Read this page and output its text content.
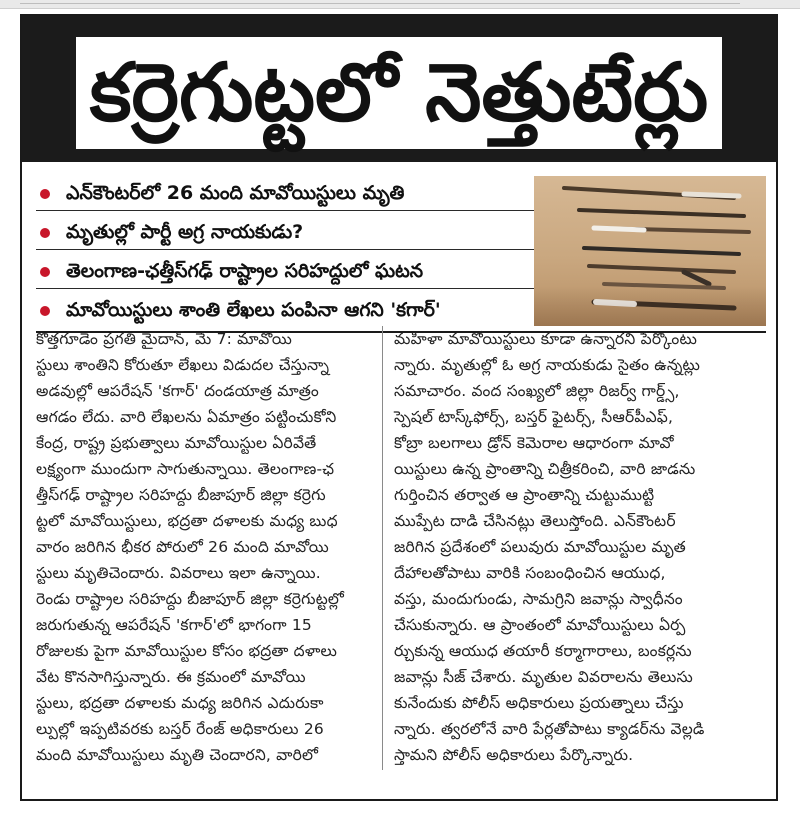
కర్రెగుట్టలో నెత్తుటేర్లు
ఎన్‌కౌంటర్‌లో 26 మంది మావోయిస్టులు మృతి
మృతుల్లో పార్టీ అగ్ర నాయకుడు?
తెలంగాణ-ఛత్తీస్‌గఢ్ రాష్ట్రాల సరిహద్దులో ఘటన
మావోయిస్టులు శాంతి లేఖలు పంపినా ఆగని 'కగార్'
కొత్తగూడెం ప్రగతి మైదాన్, మే 7: మావోయి
స్టులు శాంతిని కోరుతూ లేఖలు విడుదల చేస్తున్నా
అడవుల్లో ఆపరేషన్ 'కగార్' దండయాత్ర మాత్రం
ఆగడం లేదు. వారి లేఖలను ఏమాత్రం పట్టించుకోని
కేంద్ర, రాష్ట్ర ప్రభుత్వాలు మావోయిస్టుల ఏరివేతే
లక్ష్యంగా ముందుగా సాగుతున్నాయి. తెలంగాణ-ఛ
త్తీస్‌గఢ్ రాష్ట్రాల సరిహద్దు బీజాపూర్ జిల్లా కర్రెగు
ట్టలో మావోయిస్టులు, భద్రతా దళాలకు మధ్య బుధ
వారం జరిగిన భీకర పోరులో 26 మంది మావోయి
స్టులు మృతిచెందారు. వివరాలు ఇలా ఉన్నాయి.
రెండు రాష్ట్రాల సరిహద్దు బీజాపూర్ జిల్లా కర్రెగుట్టల్లో
జరుగుతున్న ఆపరేషన్ 'కగార్'లో భాగంగా 15
రోజులకు పైగా మావోయిస్టుల కోసం భద్రతా దళాలు
వేట కొనసాగిస్తున్నారు. ఈ క్రమంలో మావోయి
స్టులు, భద్రతా దళాలకు మధ్య జరిగిన ఎదురుకా
ల్పుల్లో ఇప్పటివరకు బస్తర్ రేంజ్ అధికారులు 26
మంది మావోయిస్టులు మృతి చెందారని, వారిలో
మహిళా మావోయిస్టులు కూడా ఉన్నారని పేర్కొంటు
న్నారు. మృతుల్లో ఓ అగ్ర నాయకుడు సైతం ఉన్నట్లు
సమాచారం. వంద సంఖ్యలో జిల్లా రిజర్వ్ గార్డ్స్,
స్పెషల్ టాస్క్‌ఫోర్స్, బస్తర్ ఫైటర్స్, సీఆర్‌పీఎఫ్,
కోబ్రా బలగాలు డ్రోన్ కెమెరాల ఆధారంగా మావో
యిస్టులు ఉన్న ప్రాంతాన్ని చిత్రీకరించి, వారి జాడను
గుర్తించిన తర్వాత ఆ ప్రాంతాన్ని చుట్టుముట్టి
ముప్పేట దాడి చేసినట్లు తెలుస్తోంది. ఎన్‌కౌంటర్
జరిగిన ప్రదేశంలో పలువురు మావోయిస్టుల మృత
దేహాలతోపాటు వారికి సంబంధించిన ఆయుధ,
వస్తు, మందుగుండు, సామగ్రిని జవాన్లు స్వాధీనం
చేసుకున్నారు. ఆ ప్రాంతంలో మావోయిస్టులు ఏర్ప
ర్చుకున్న ఆయుధ తయారీ కర్మాగారాలు, బంకర్లను
జవాన్లు సీజ్ చేశారు. మృతుల వివరాలను తెలుసు
కునేందుకు పోలీస్ అధికారులు ప్రయత్నాలు చేస్తు
న్నారు. త్వరలోనే వారి పేర్లతోపాటు క్యాడర్‌ను వెల్లడి
స్తామని పోలీస్ అధికారులు పేర్కొన్నారు.
